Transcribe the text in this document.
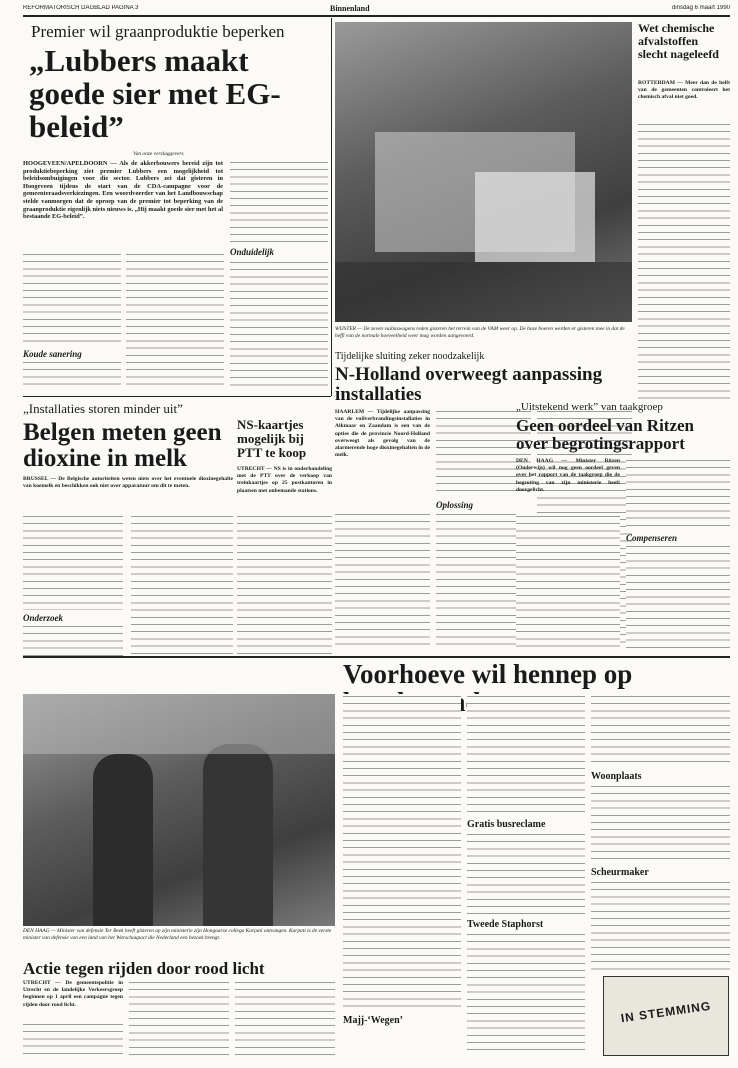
REFORMATORISCH DAGBLAD PAGINA 3	Binnenland	dinsdag 6 maart 1990
Premier wil graanproduktie beperken
„Lubbers maakt goede sier met EG-beleid”
Van onze verslaggevers
HOOGEVEEN/APELDOORN — Als de akkerbouwers bereid zijn tot produktiebeperking ziet premier Lubbers een mogelijkheid tot beleidsombuigingen voor die sector. Lubbers zei dat gisteren in Hoogeveen tijdens de start van de CDA-campagne voor de gemeenteraadsverkiezingen. Een woordvoerder van het Landbouwschap stelde vanmorgen dat de oproep van de premier tot beperking van de graanproduktie eigenlijk niets nieuws is. „Hij maakt goede sier met het al bestaande EG-beleid”.
Koude sanering
Onduidelijk
WIJSTER — De zeven vuilniswagens reden gisteren het terrein van de VAM weer op. De boze boeren werden er gisteren mee in dat de heffi van de normale hoeveelheid weer mag worden aangevoerd.
Wet chemische afvalstoffen slecht nageleefd
ROTTERDAM — Meer dan de helft van de gemeenten controleert het chemisch afval niet goed.
Tijdelijke sluiting zeker noodzakelijk
N-Holland overweegt aanpassing installaties
HAARLEM — Tijdelijke aanpassing van de vuilverbrandingsinstallaties in Alkmaar en Zaandam is een van de opties die de provincie Noord-Holland overweegt als gevolg van de alarmerende hoge dioxinegehalten in de melk.
Oplossing
„Installaties storen minder uit”
Belgen meten geen dioxine in melk
BRUSSEL — De Belgische autoriteiten weten niets over het eventuele dioxinegehalte van koemelk en beschikken ook niet over apparatuur om dit te meten.
Onderzoek
NS-kaartjes mogelijk bij PTT te koop
UTRECHT — NS is in onderhandeling met de PTT over de verkoop van treinkaartjes op 25 postkantoren in plaatsen met onbemande stations.
„Uitstekend werk” van taakgroep
Geen oordeel van Ritzen over begrotingsrapport
DEN HAAG — Minister Ritzen (Onderwijs) wil nog geen oordeel geven over het rapport van de taakgroep die de begroting van zijn ministerie heeft doorgelicht.
Compenseren
Voorhoeve wil hennep op
Gratis busreclame
Majj-‘Wegen’
Tweede Staphorst
Woonplaats
Scheurmaker
IN STEMMING
DEN HAAG — Minister van defensie Ter Beek heeft gisteren op zijn ministerie zijn Hongaarse collega Karpati ontvangen. Karpati is de eerste minister van defensie van een land van het Warschaupact die Nederland een bezoek brengt.
Actie tegen rijden door rood licht
UTRECHT — De gemeentepolitie in Utrecht en de landelijke Verkeersgroep beginnen op 1 april een campagne tegen rijden door rood licht.
